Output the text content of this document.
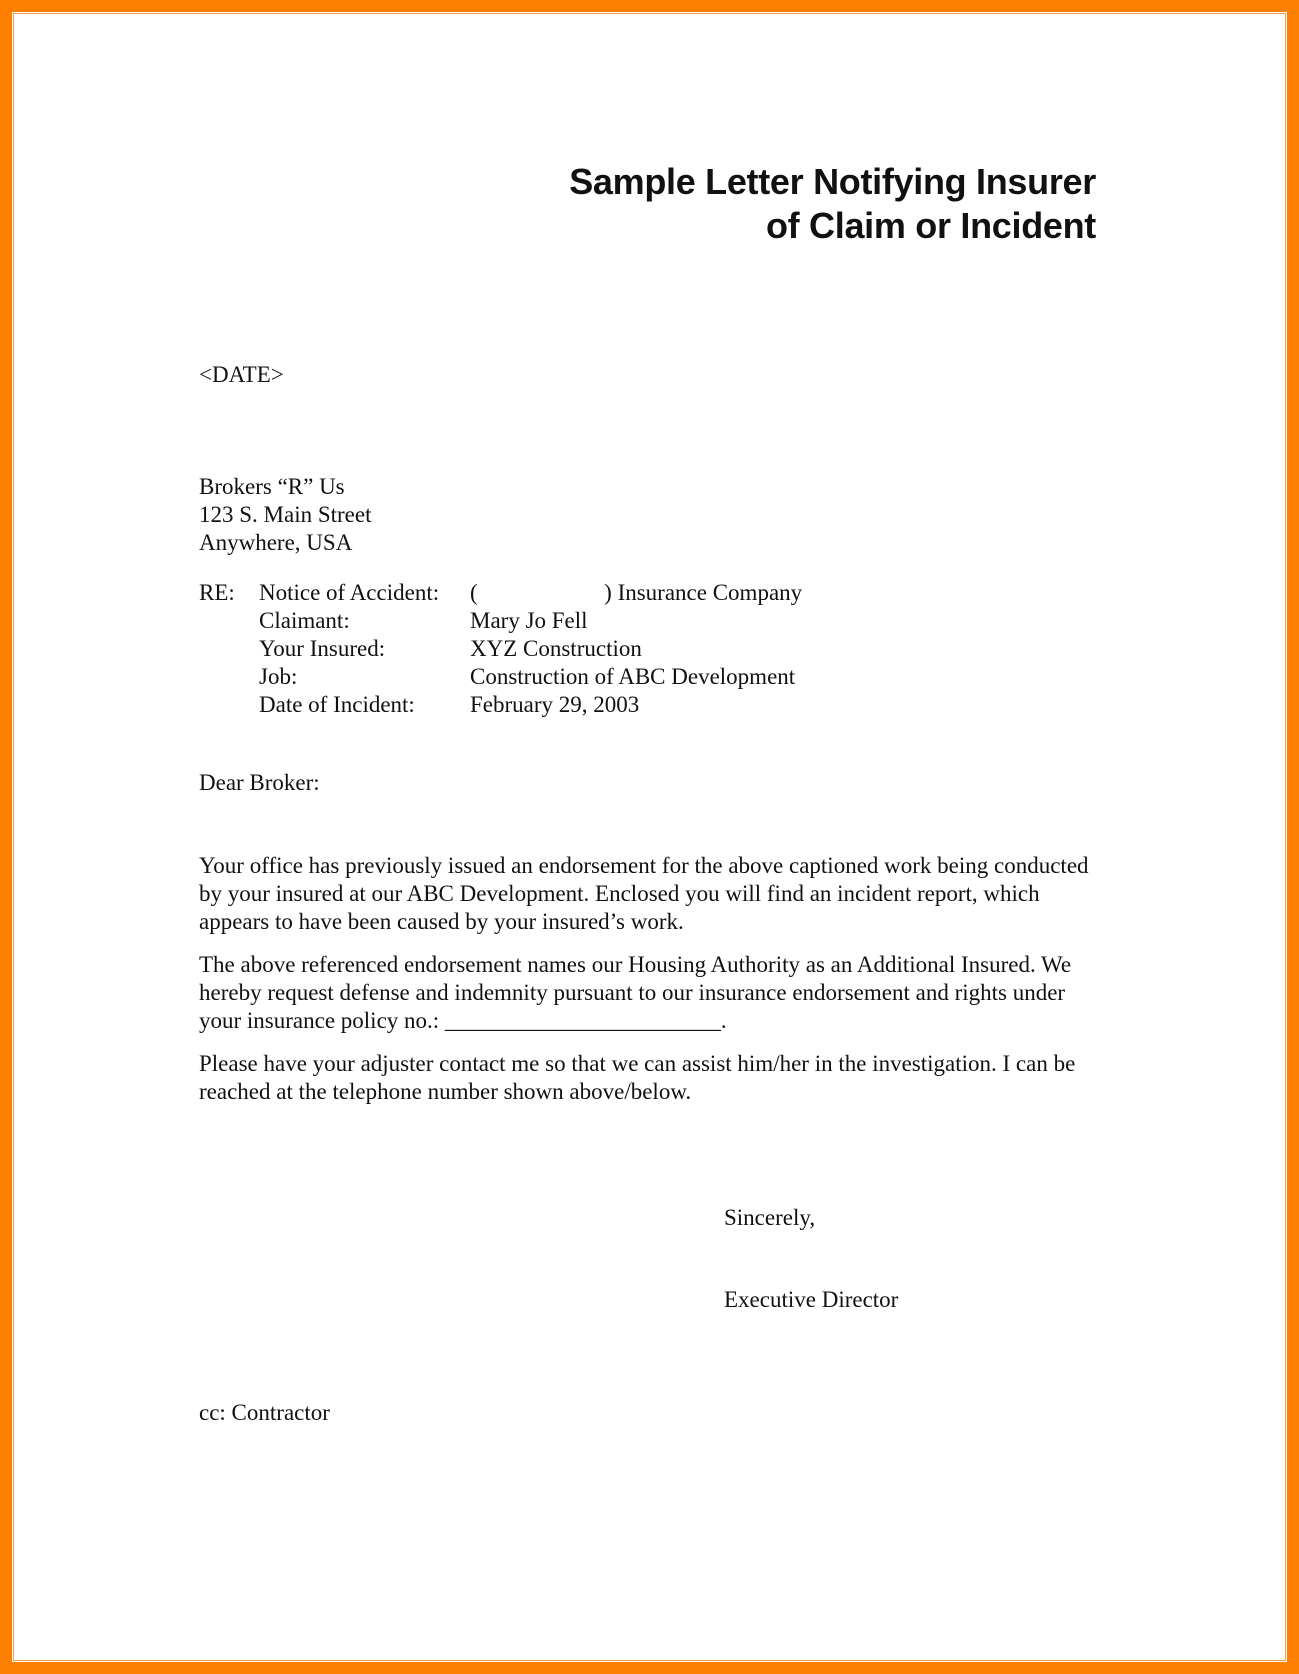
Sample Letter Notifying Insurer
of Claim or Incident
<DATE>
Brokers “R” Us
123 S. Main Street
Anywhere, USA
RE: Notice of Accident: (                      ) Insurance Company
Claimant:	Mary Jo Fell
Your Insured:	XYZ Construction
Job:	Construction of ABC Development
Date of Incident: February 29, 2003
Dear Broker:
Your office has previously issued an endorsement for the above captioned work being conducted
by your insured at our ABC Development. Enclosed you will find an incident report, which
appears to have been caused by your insured’s work.
The above referenced endorsement names our Housing Authority as an Additional Insured. We
hereby request defense and indemnity pursuant to our insurance endorsement and rights under
your insurance policy no.: ________________________.
Please have your adjuster contact me so that we can assist him/her in the investigation. I can be
reached at the telephone number shown above/below.
Sincerely,
Executive Director
cc: Contractor
